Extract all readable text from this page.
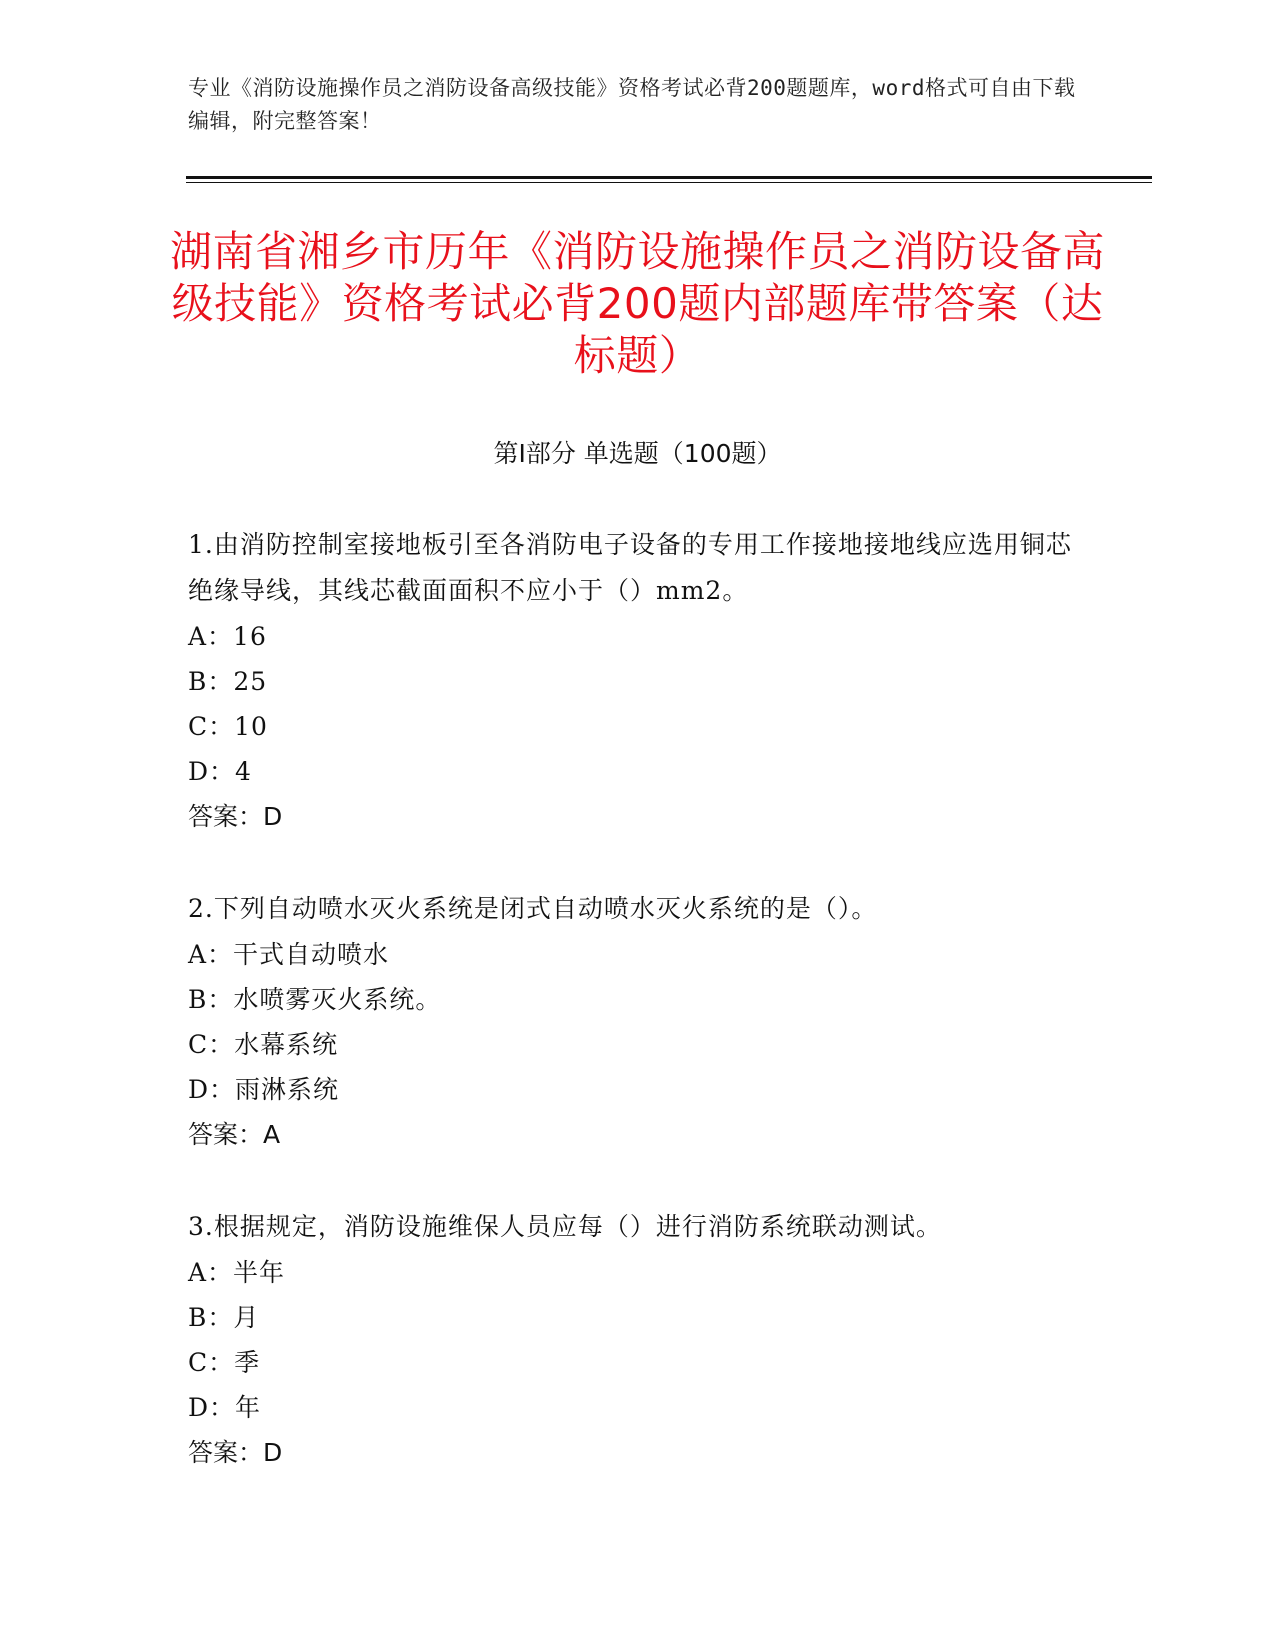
专业《消防设施操作员之消防设备高级技能》资格考试必背200题题库，word格式可自由下载编辑，附完整答案！
湖南省湘乡市历年《消防设施操作员之消防设备高级技能》资格考试必背200题内部题库带答案（达标题）
第Ⅰ部分 单选题（100题）
1.由消防控制室接地板引至各消防电子设备的专用工作接地接地线应选用铜芯绝缘导线，其线芯截面面积不应小于（）mm2。
A：16
B：25
C：10
D：4
答案：D
2.下列自动喷水灭火系统是闭式自动喷水灭火系统的是（）。
A：干式自动喷水
B：水喷雾灭火系统。
C：水幕系统
D：雨淋系统
答案：A
3.根据规定，消防设施维保人员应每（）进行消防系统联动测试。
A：半年
B：月
C：季
D：年
答案：D
